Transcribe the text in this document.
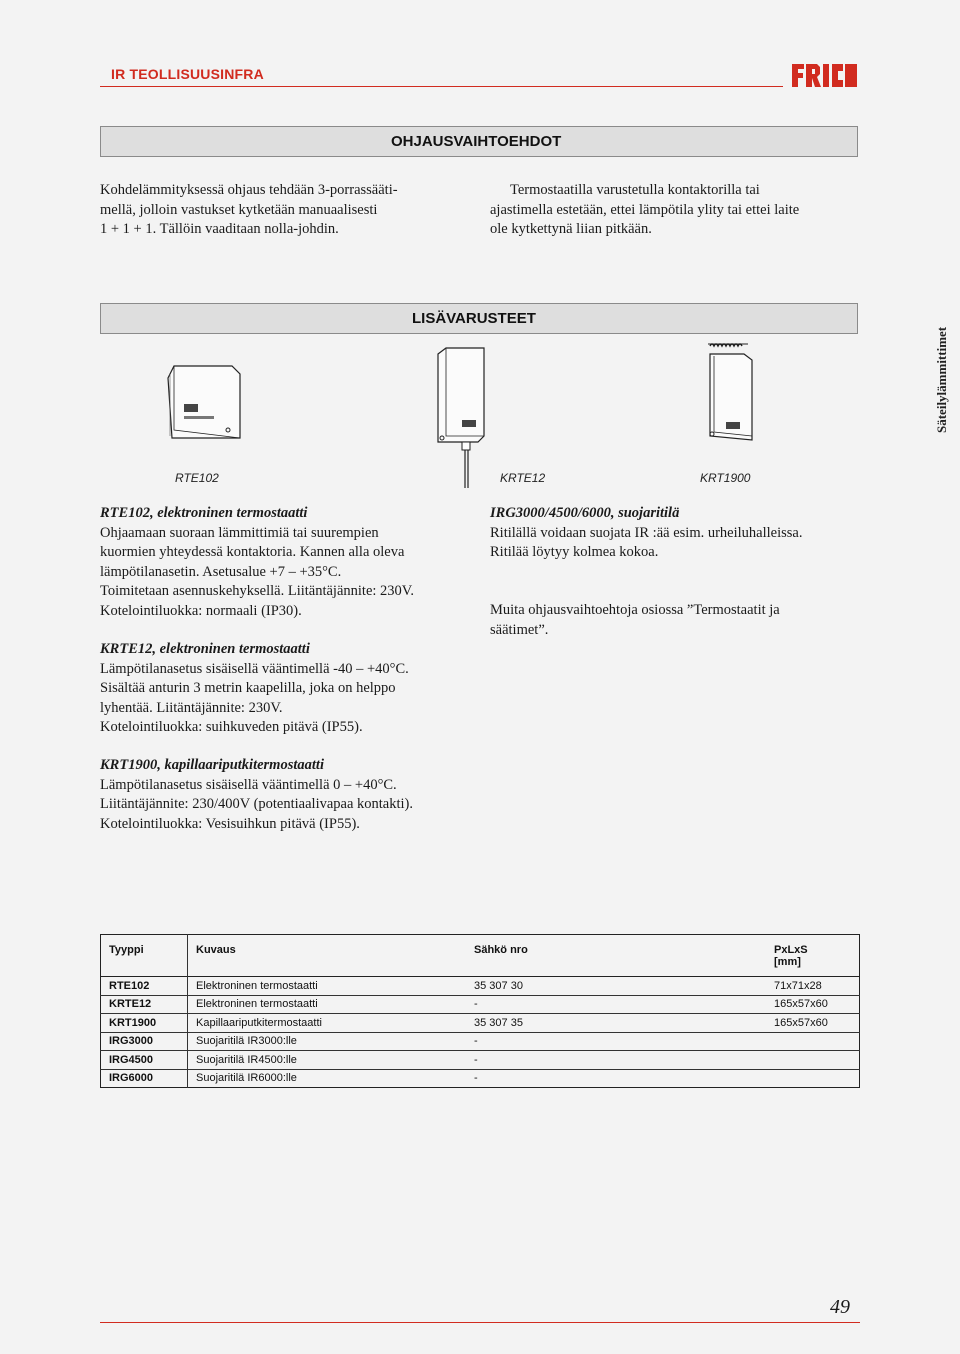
IR TEOLLISUUSINFRA
OHJAUSVAIHTOEHDOT

Kohdelämmityksessä ohjaus tehdään 3-porrassääti-

mellä, jolloin vastukset kytketään manuaalisesti

1 + 1 + 1. Tällöin vaaditaan nolla-johdin.

Termostaatilla varustetulla kontaktorilla tai

ajastimella estetään, ettei lämpötila ylity tai ettei laite

ole kytkettynä liian pitkään.

LISÄVARUSTEET
Säteilylämmittimet
RTE102	KRTE12	KRT1900

RTE102, elektroninen termostaatti

Ohjaamaan suoraan lämmittimiä tai suurempien

kuormien yhteydessä kontaktoria. Kannen alla oleva

lämpötilanasetin. Asetusalue +7 – +35°C.

Toimitetaan asennuskehyksellä. Liitäntäjännite: 230V.

Kotelointiluokka: normaali (IP30).

KRTE12, elektroninen termostaatti

Lämpötilanasetus sisäisellä vääntimellä -40 – +40°C.

Sisältää anturin 3 metrin kaapelilla, joka on helppo

lyhentää. Liitäntäjännite: 230V.

Kotelointiluokka: suihkuveden pitävä (IP55).

KRT1900, kapillaariputkitermostaatti

Lämpötilanasetus sisäisellä vääntimellä 0 – +40°C.

Liitäntäjännite: 230/400V (potentiaalivapaa kontakti).

Kotelointiluokka: Vesisuihkun pitävä (IP55).

IRG3000/4500/6000, suojaritilä

Ritilällä voidaan suojata IR :ää esim. urheiluhalleissa.

Ritilää löytyy kolmea kokoa.

Muita ohjausvaihtoehtoja osiossa ”Termostaatit ja

säätimet”.

Tyyppi	Kuvaus	Sähkö nro	PxLxS
[mm]
RTE102	Elektroninen termostaatti	35 307 30	71x71x28
KRTE12	Elektroninen termostaatti	-	165x57x60
KRT1900	Kapillaariputkitermostaatti	35 307 35	165x57x60
IRG3000	Suojaritilä IR3000:lle	-	
IRG4500	Suojaritilä IR4500:lle	-	
IRG6000	Suojaritilä IR6000:lle	-	
49
